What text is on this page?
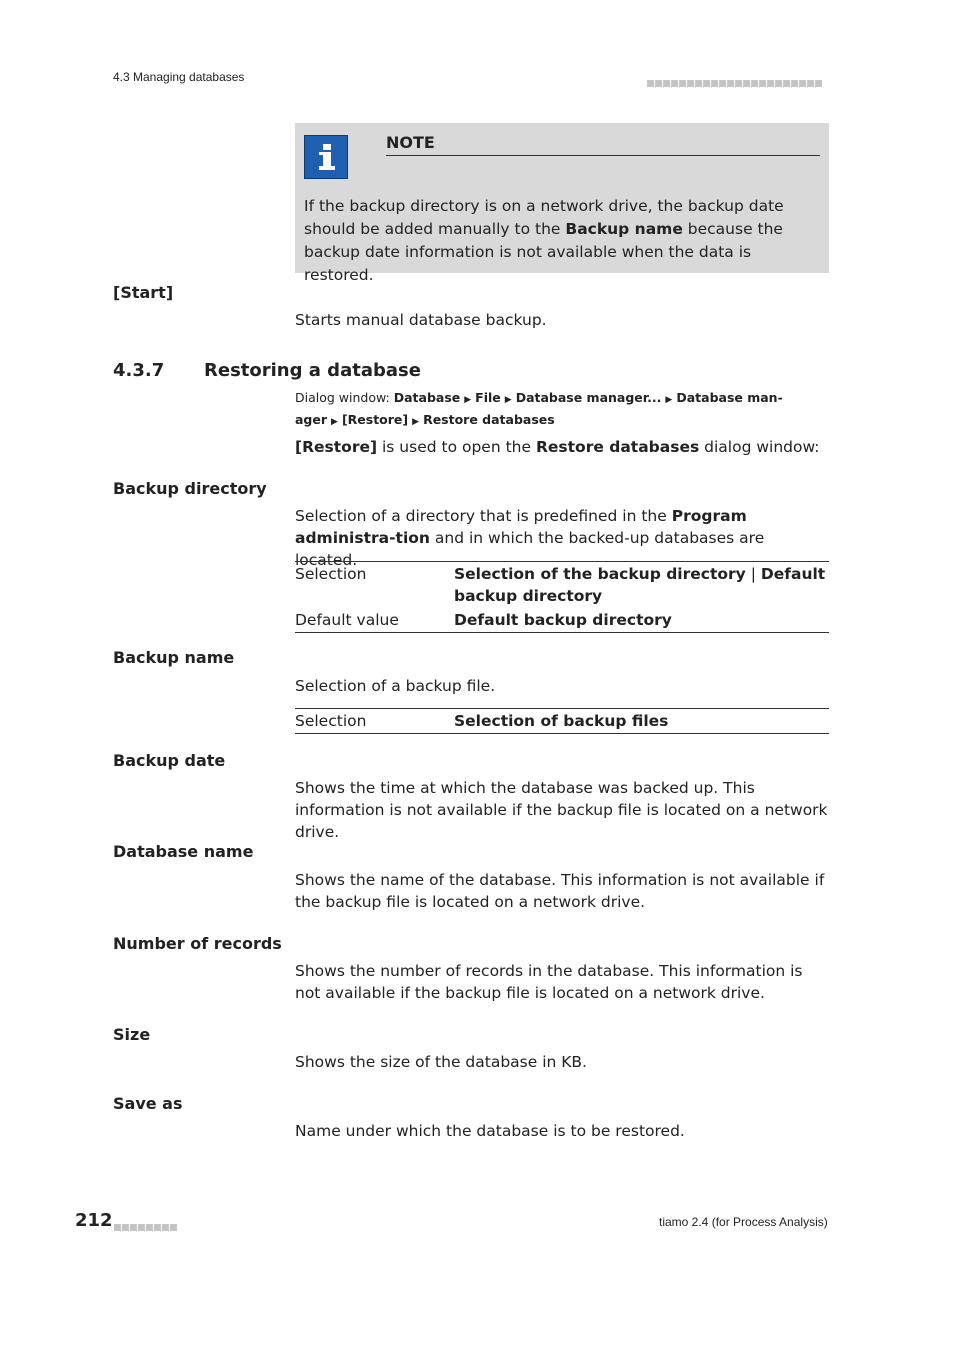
4.3 Managing databases
NOTE
If the backup directory is on a network drive, the backup date should be added manually to the Backup name because the backup date information is not available when the data is restored.
[Start]
Starts manual database backup.
4.3.7 Restoring a database
Dialog window: Database ▶ File ▶ Database manager... ▶ Database man-ager ▶ [Restore] ▶ Restore databases
[Restore] is used to open the Restore databases dialog window:
Backup directory
Selection of a directory that is predefined in the Program administra-tion and in which the backed-up databases are located.
Selection	Selection of the backup directory | Default backup directory
Default value	Default backup directory
Backup name
Selection of a backup file.
Selection	Selection of backup files
Backup date
Shows the time at which the database was backed up. This information is not available if the backup file is located on a network drive.
Database name
Shows the name of the database. This information is not available if the backup file is located on a network drive.
Number of records
Shows the number of records in the database. This information is not available if the backup file is located on a network drive.
Size
Shows the size of the database in KB.
Save as
Name under which the database is to be restored.
212	tiamo 2.4 (for Process Analysis)
